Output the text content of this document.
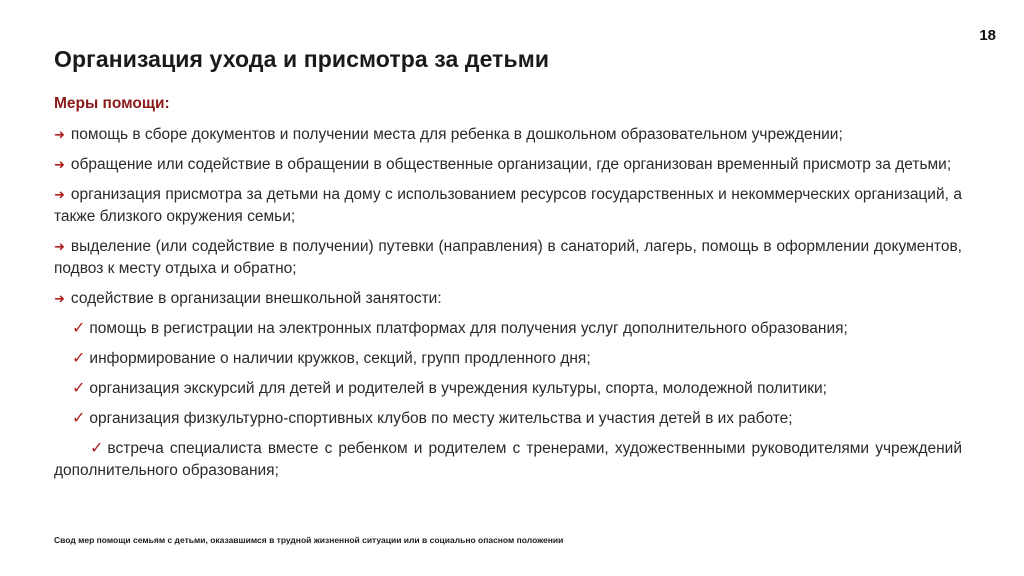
18
Организация ухода и присмотра за детьми
Меры помощи:

➜ помощь в сборе документов и получении места для ребенка в дошкольном образовательном учреждении;

➜ обращение или содействие в обращении в общественные организации, где организован временный присмотр за детьми;

➜ организация присмотра за детьми на дому с использованием ресурсов государственных и некоммерческих организаций, а также близкого окружения семьи;

➜ выделение (или содействие в получении) путевки (направления) в санаторий, лагерь, помощь в оформлении документов, подвоз к месту отдыха и обратно;

➜ содействие в организации внешкольной занятости:

✓ помощь в регистрации на электронных платформах для получения услуг дополнительного образования;

✓ информирование о наличии кружков, секций, групп продленного дня;

✓ организация экскурсий для детей и родителей в учреждения культуры, спорта, молодежной политики;

✓ организация физкультурно-спортивных клубов по месту жительства и участия детей в их работе;

✓ встреча специалиста вместе с ребенком и родителем с тренерами, художественными руководителями учреждений дополнительного образования;

Свод мер помощи семьям с детьми, оказавшимся в трудной жизненной ситуации или в социально опасном положении
